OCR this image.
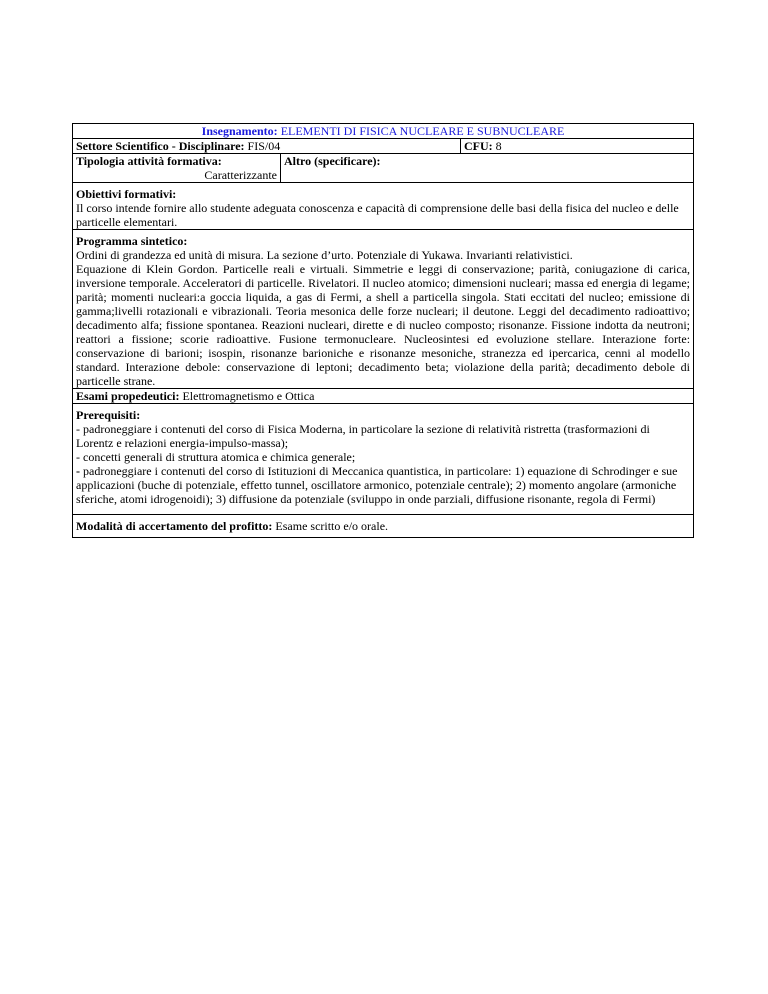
Insegnamento: ELEMENTI DI FISICA NUCLEARE E SUBNUCLEARE		
Settore Scientifico - Disciplinare: FIS/04		CFU: 8

Tipologia attività formativa:
Caratterizzante	Altro (specificare):	

Obiettivi formativi:
Il corso intende fornire allo studente adeguata conoscenza e capacità di comprensione delle basi della fisica del nucleo e delle particelle elementari.		

Programma sintetico:
Ordini di grandezza ed unità di misura. La sezione d’urto. Potenziale di Yukawa. Invarianti relativistici.
Equazione di Klein Gordon. Particelle reali e virtuali. Simmetrie e leggi di conservazione; parità, coniugazione di carica, inversione temporale. Acceleratori di particelle. Rivelatori. Il nucleo atomico; dimensioni nucleari; massa ed energia di legame; parità; momenti nucleari:a goccia liquida, a gas di Fermi, a shell a particella singola. Stati eccitati del nucleo; emissione di gamma;livelli rotazionali e vibrazionali. Teoria mesonica delle forze nucleari; il deutone. Leggi del decadimento radioattivo; decadimento alfa; fissione spontanea. Reazioni nucleari, dirette e di nucleo composto; risonanze. Fissione indotta da neutroni; reattori a fissione; scorie radioattive. Fusione termonucleare. Nucleosintesi ed evoluzione stellare. Interazione forte: conservazione di barioni; isospin, risonanze barioniche e risonanze mesoniche, stranezza ed ipercarica, cenni al modello standard. Interazione debole: conservazione di leptoni; decadimento beta; violazione della parità; decadimento debole di particelle strane.		

Esami propedeutici: Elettromagnetismo e Ottica		

Prerequisiti:
- padroneggiare i contenuti del corso di Fisica Moderna, in particolare la sezione di relatività ristretta (trasformazioni di Lorentz e relazioni energia-impulso-massa);
- concetti generali di struttura atomica e chimica generale;
- padroneggiare i contenuti del corso di Istituzioni di Meccanica quantistica, in particolare: 1) equazione di Schrodinger e sue applicazioni (buche di potenziale, effetto tunnel, oscillatore armonico, potenziale centrale); 2) momento angolare (armoniche sferiche, atomi idrogenoidi); 3) diffusione da potenziale (sviluppo in onde parziali, diffusione risonante, regola di Fermi)		

Modalità di accertamento del profitto: Esame scritto e/o orale.		
